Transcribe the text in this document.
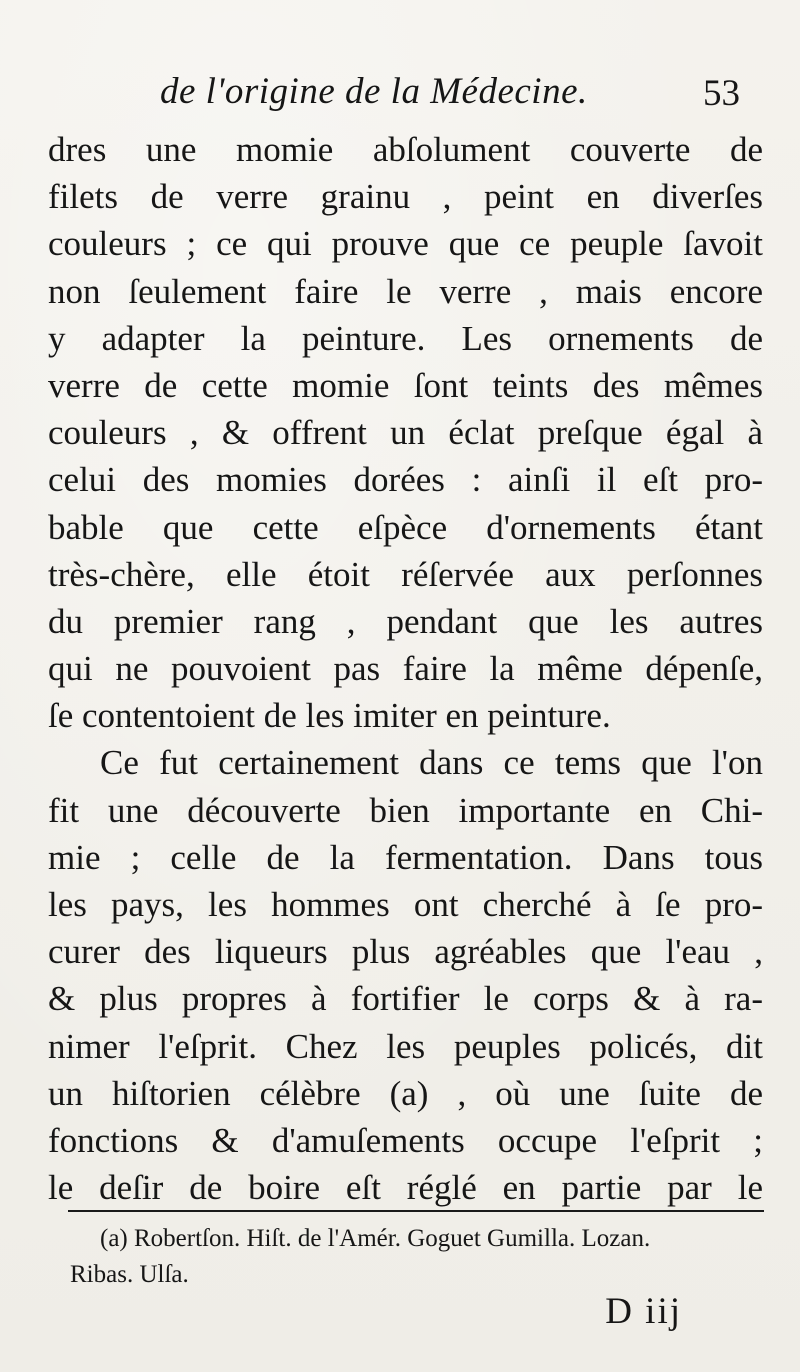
de l'origine de la Médecine.	53
dres une momie abſolument couverte de
filets de verre grainu , peint en diverſes
couleurs ; ce qui prouve que ce peuple ſavoit
non ſeulement faire le verre , mais encore
y adapter la peinture. Les ornements de
verre de cette momie ſont teints des mêmes
couleurs , & offrent un éclat preſque égal à
celui des momies dorées : ainſi il eſt pro-
bable que cette eſpèce d'ornements étant
très-chère, elle étoit réſervée aux perſonnes
du premier rang , pendant que les autres
qui ne pouvoient pas faire la même dépenſe,
ſe contentoient de les imiter en peinture.
Ce fut certainement dans ce tems que l'on
fit une découverte bien importante en Chi-
mie ; celle de la fermentation. Dans tous
les pays, les hommes ont cherché à ſe pro-
curer des liqueurs plus agréables que l'eau ,
& plus propres à fortifier le corps & à ra-
nimer l'eſprit. Chez les peuples policés, dit
un hiſtorien célèbre (a) , où une ſuite de
fonctions & d'amuſements occupe l'eſprit ;
le deſir de boire eſt réglé en partie par le
(a) Robertſon. Hiſt. de l'Amér. Goguet Gumilla. Lozan.
Ribas. Ulſa.
D iij
